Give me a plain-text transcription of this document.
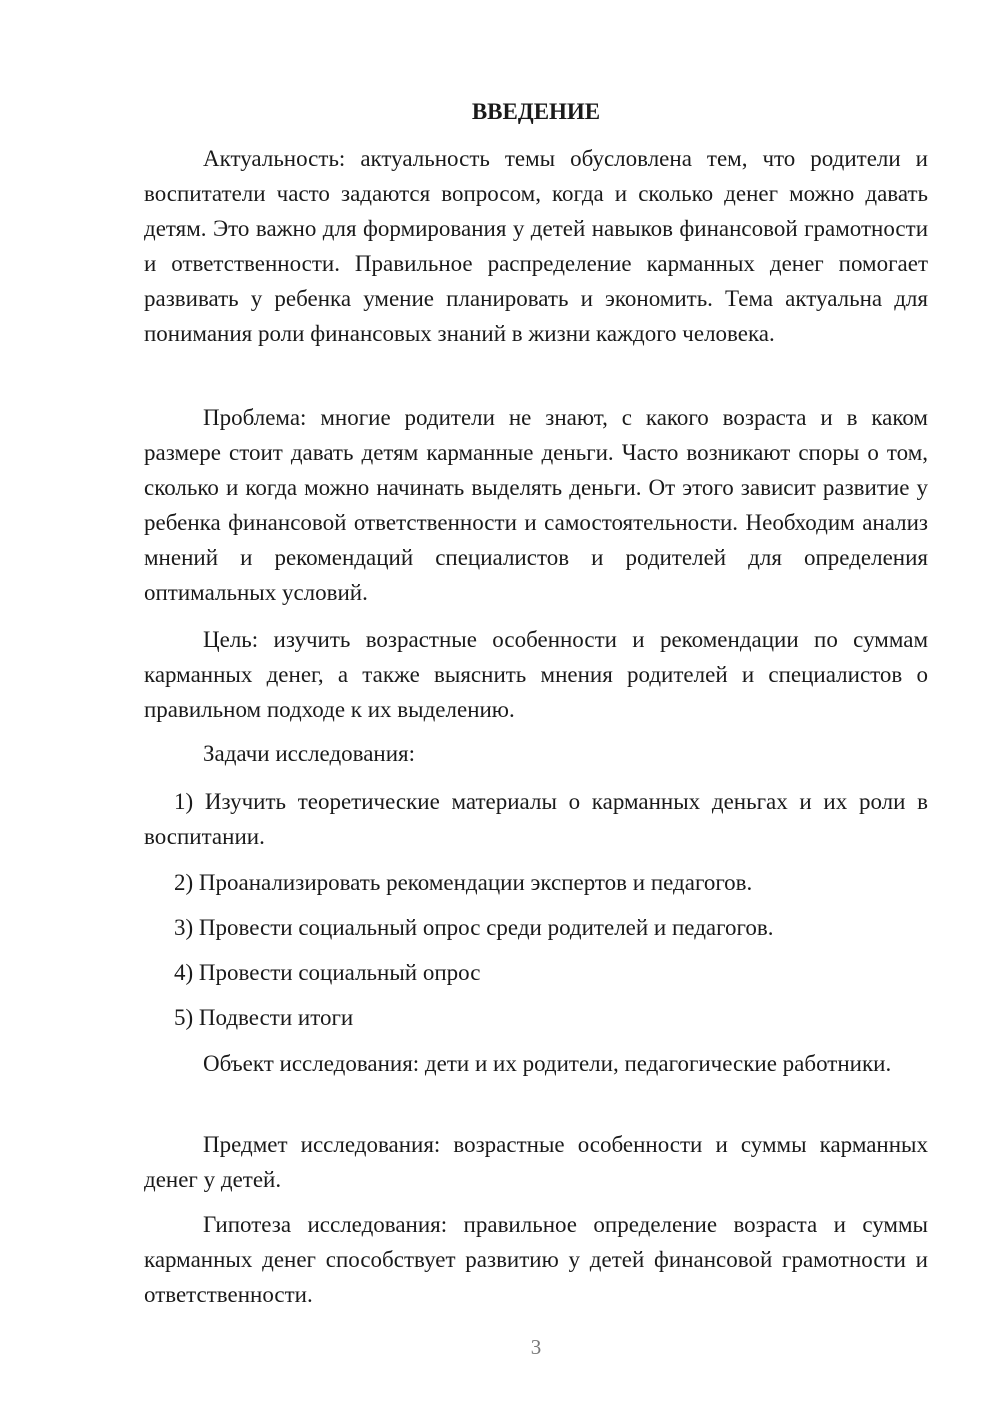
ВВЕДЕНИЕ

Актуальность: актуальность темы обусловлена тем, что родители и воспитатели часто задаются вопросом, когда и сколько денег можно давать детям. Это важно для формирования у детей навыков финансовой грамотности и ответственности. Правильное распределение карманных денег помогает развивать у ребенка умение планировать и экономить. Тема актуальна для понимания роли финансовых знаний в жизни каждого человека.

Проблема: многие родители не знают, с какого возраста и в каком размере стоит давать детям карманные деньги. Часто возникают споры о том, сколько и когда можно начинать выделять деньги. От этого зависит развитие у ребенка финансовой ответственности и самостоятельности. Необходим анализ мнений и рекомендаций специалистов и родителей для определения оптимальных условий.

Цель: изучить возрастные особенности и рекомендации по суммам карманных денег, а также выяснить мнения родителей и специалистов о правильном подходе к их выделению.

Задачи исследования:

1) Изучить теоретические материалы о карманных деньгах и их роли в воспитании.

2) Проанализировать рекомендации экспертов и педагогов.

3) Провести социальный опрос среди родителей и педагогов.

4) Провести социальный опрос

5) Подвести итоги

Объект исследования: дети и их родители, педагогические работники.

Предмет исследования: возрастные особенности и суммы карманных денег у детей.

Гипотеза исследования: правильное определение возраста и суммы карманных денег способствует развитию у детей финансовой грамотности и ответственности.

3
